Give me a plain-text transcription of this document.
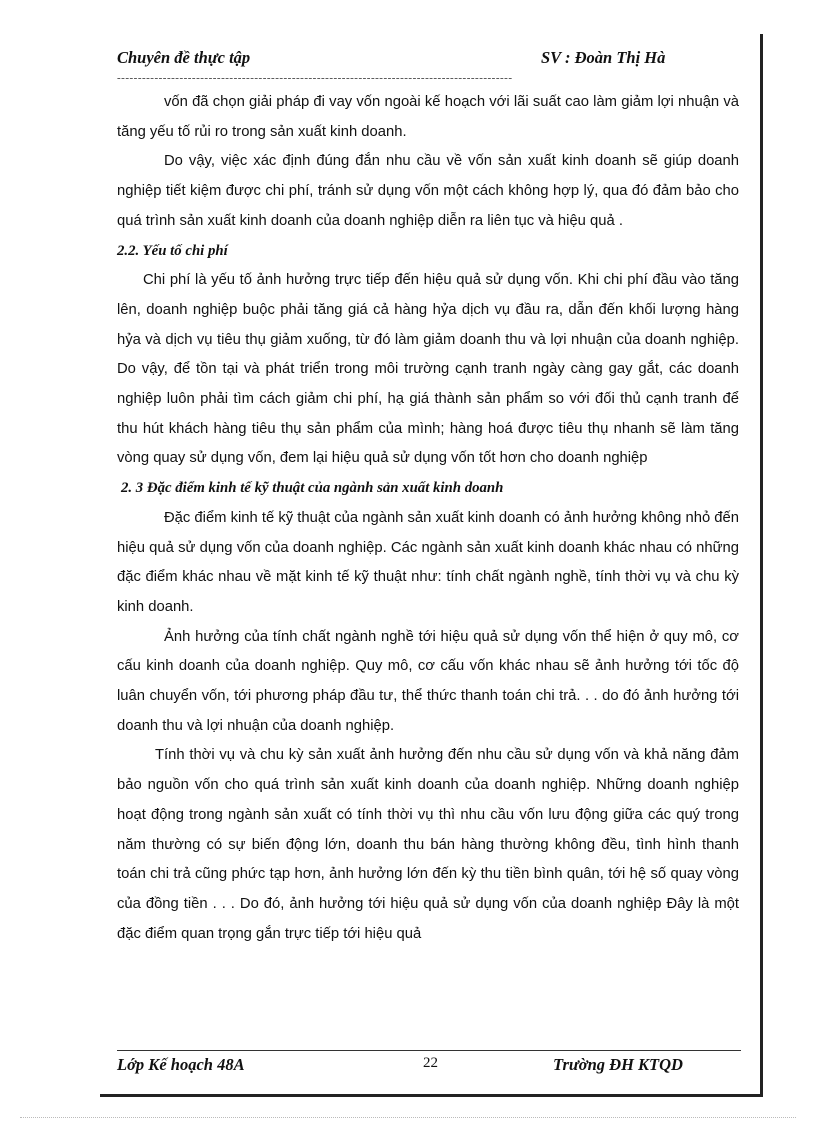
Chuyên đề thực tập	SV : Đoàn Thị Hà
-----------------------------------------------------------------------------------------------

vốn đã chọn giải pháp đi vay vốn ngoài kế hoạch với lãi suất cao làm giảm lợi nhuận và tăng yếu tố rủi ro trong sản xuất kinh doanh.

Do vậy, việc xác định đúng đắn nhu cầu về vốn sản xuất kinh doanh sẽ giúp doanh nghiệp tiết kiệm được chi phí, tránh sử dụng vốn một cách không hợp lý, qua đó đảm bảo cho quá trình sản xuất kinh doanh của doanh nghiệp diễn ra liên tục và hiệu quả .

2.2. Yếu tố chi phí

Chi phí là yếu tố ảnh hưởng trực tiếp đến hiệu quả sử dụng vốn. Khi chi phí đầu vào tăng lên, doanh nghiệp buộc phải tăng giá cả hàng hỷa dịch vụ đầu ra, dẫn đến khối lượng hàng hỷa và dịch vụ tiêu thụ giảm xuống, từ đó làm giảm doanh thu và lợi nhuận của doanh nghiệp. Do vậy, để tồn tại và phát triển trong môi trường cạnh tranh ngày càng gay gắt, các doanh nghiệp luôn phải tìm cách giảm chi phí, hạ giá thành sản phẩm so với đối thủ cạnh tranh để thu hút khách hàng tiêu thụ sản phẩm của mình; hàng hoá được tiêu thụ nhanh sẽ làm tăng vòng quay sử dụng vốn, đem lại hiệu quả sử dụng vốn tốt hơn cho doanh nghiệp

2. 3 Đặc điểm kinh tế kỹ thuật của ngành sản xuất kinh doanh

Đặc điểm kinh tế kỹ thuật của ngành sản xuất kinh doanh có ảnh hưởng không nhỏ đến hiệu quả sử dụng vốn của doanh nghiệp. Các ngành sản xuất kinh doanh khác nhau có những đặc điểm khác nhau về mặt kinh tế kỹ thuật như: tính chất ngành nghề, tính thời vụ và chu kỳ kinh doanh.

Ảnh hưởng của tính chất ngành nghề tới hiệu quả sử dụng vốn thể hiện ở quy mô, cơ cấu kinh doanh của doanh nghiệp. Quy mô, cơ cấu vốn khác nhau sẽ ảnh hưởng tới tốc độ luân chuyển vốn, tới phương pháp đầu tư, thể thức thanh toán chi trả. . . do đó ảnh hưởng tới doanh thu và lợi nhuận của doanh nghiệp.

Tính thời vụ và chu kỳ sản xuất ảnh hưởng đến nhu cầu sử dụng vốn và khả năng đảm bảo nguồn vốn cho quá trình sản xuất kinh doanh của doanh nghiệp. Những doanh nghiệp hoạt động trong ngành sản xuất có tính thời vụ thì nhu cầu vốn lưu động giữa các quý trong năm thường có sự biến động lớn, doanh thu bán hàng thường không đều, tình hình thanh toán chi trả cũng phức tạp hơn, ảnh hưởng lớn đến kỳ thu tiền bình quân, tới hệ số quay vòng của đồng tiền . . . Do đó, ảnh hưởng tới hiệu quả sử dụng vốn của doanh nghiệp Đây là một đặc điểm quan trọng gắn trực tiếp tới hiệu quả

Lớp Kế hoạch 48A	22	Trường ĐH KTQD
